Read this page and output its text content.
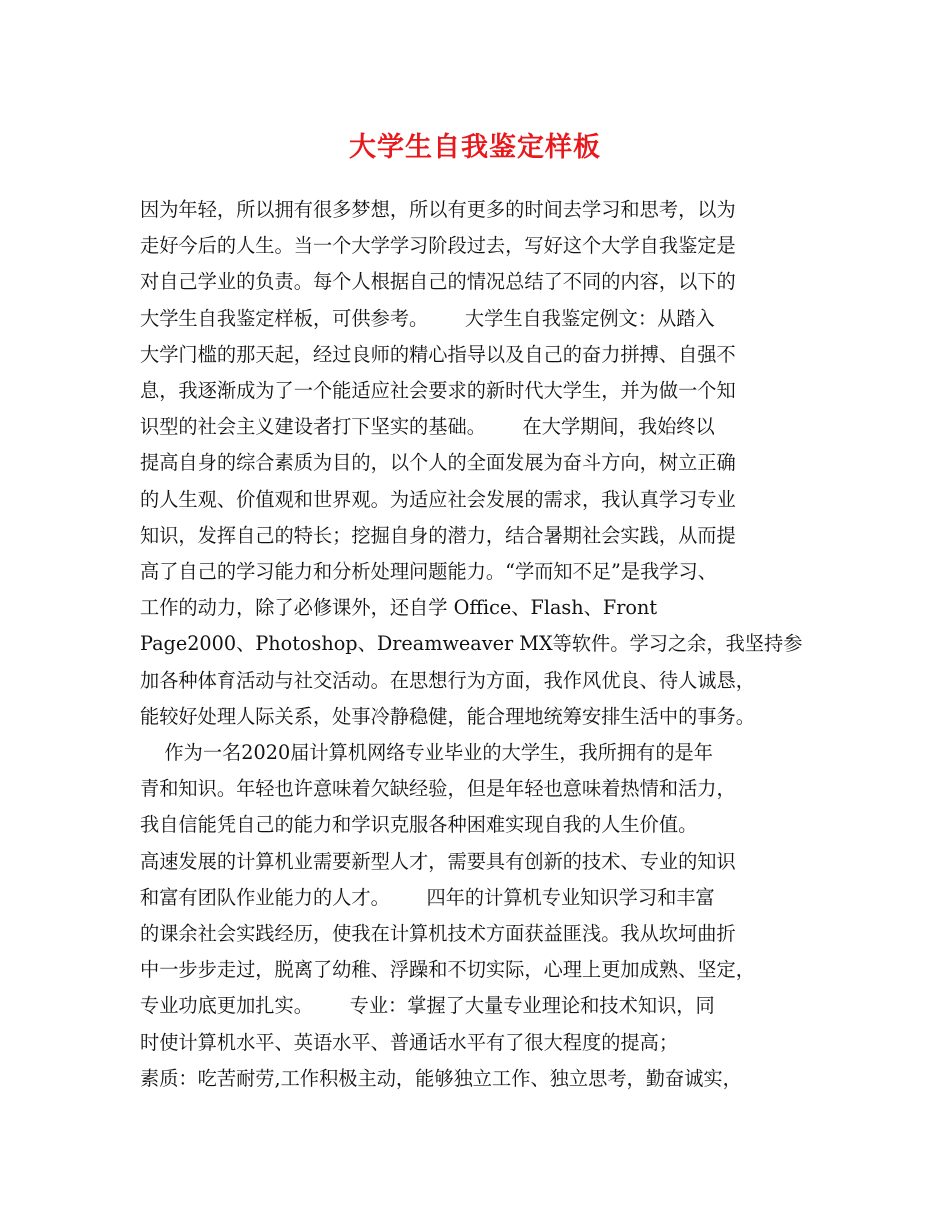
大学生自我鉴定样板
因为年轻，所以拥有很多梦想，所以有更多的时间去学习和思考，以为
走好今后的人生。当一个大学学习阶段过去，写好这个大学自我鉴定是
对自己学业的负责。每个人根据自己的情况总结了不同的内容，以下的
大学生自我鉴定样板，可供参考。      大学生自我鉴定例文：从踏入
大学门槛的那天起，经过良师的精心指导以及自己的奋力拼搏、自强不
息，我逐渐成为了一个能适应社会要求的新时代大学生，并为做一个知
识型的社会主义建设者打下坚实的基础。      在大学期间，我始终以
提高自身的综合素质为目的，以个人的全面发展为奋斗方向，树立正确
的人生观、价值观和世界观。为适应社会发展的需求，我认真学习专业
知识，发挥自己的特长；挖掘自身的潜力，结合暑期社会实践，从而提
高了自己的学习能力和分析处理问题能力。“学而知不足”是我学习、
工作的动力，除了必修课外，还自学 Office、Flash、Front
Page2000、Photoshop、Dreamweaver MX等软件。学习之余，我坚持参
加各种体育活动与社交活动。在思想行为方面，我作风优良、待人诚恳，
能较好处理人际关系，处事冷静稳健，能合理地统筹安排生活中的事务。
作为一名2020届计算机网络专业毕业的大学生，我所拥有的是年
青和知识。年轻也许意味着欠缺经验，但是年轻也意味着热情和活力，
我自信能凭自己的能力和学识克服各种困难实现自我的人生价值。
高速发展的计算机业需要新型人才，需要具有创新的技术、专业的知识
和富有团队作业能力的人才。      四年的计算机专业知识学习和丰富
的课余社会实践经历，使我在计算机技术方面获益匪浅。我从坎坷曲折
中一步步走过，脱离了幼稚、浮躁和不切实际，心理上更加成熟、坚定，
专业功底更加扎实。      专业：掌握了大量专业理论和技术知识，同
时使计算机水平、英语水平、普通话水平有了很大程度的提高；
素质：吃苦耐劳,工作积极主动，能够独立工作、独立思考，勤奋诚实，
